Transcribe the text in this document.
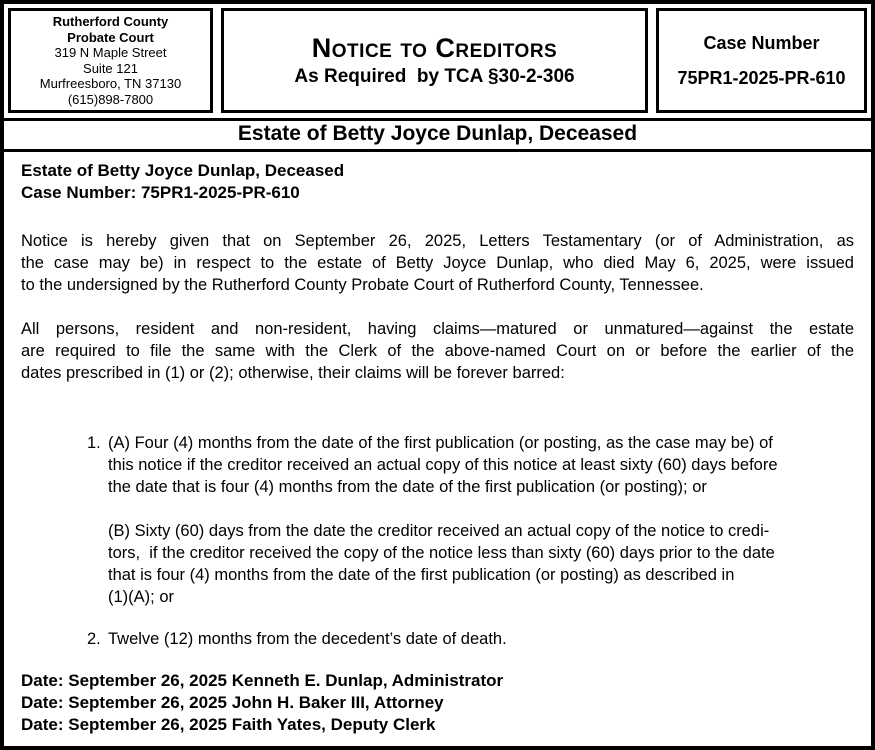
Rutherford County
Probate Court
319 N Maple Street
Suite 121
Murfreesboro, TN 37130
(615)898-7800
Notice to Creditors
As Required  by TCA §30-2-306
Case Number
75PR1-2025-PR-610
Estate of Betty Joyce Dunlap, Deceased
Estate of Betty Joyce Dunlap, Deceased
Case Number: 75PR1-2025-PR-610
Notice is hereby given that on September 26, 2025, Letters Testamentary (or of Administration, as
the case may be) in respect to the estate of Betty Joyce Dunlap, who died May 6, 2025, were issued
to the undersigned by the Rutherford County Probate Court of Rutherford County, Tennessee.
All persons, resident and non-resident, having claims—matured or unmatured—against the estate
are required to file the same with the Clerk of the above-named Court on or before the earlier of the
dates prescribed in (1) or (2); otherwise, their claims will be forever barred:
1. (A) Four (4) months from the date of the first publication (or posting, as the case may be) of
this notice if the creditor received an actual copy of this notice at least sixty (60) days before
the date that is four (4) months from the date of the first publication (or posting); or
(B) Sixty (60) days from the date the creditor received an actual copy of the notice to credi-
tors,  if the creditor received the copy of the notice less than sixty (60) days prior to the date
that is four (4) months from the date of the first publication (or posting) as described in
(1)(A); or
2. Twelve (12) months from the decedent’s date of death.
Date: September 26, 2025 Kenneth E. Dunlap, Administrator
Date: September 26, 2025 John H. Baker III, Attorney
Date: September 26, 2025 Faith Yates, Deputy Clerk
